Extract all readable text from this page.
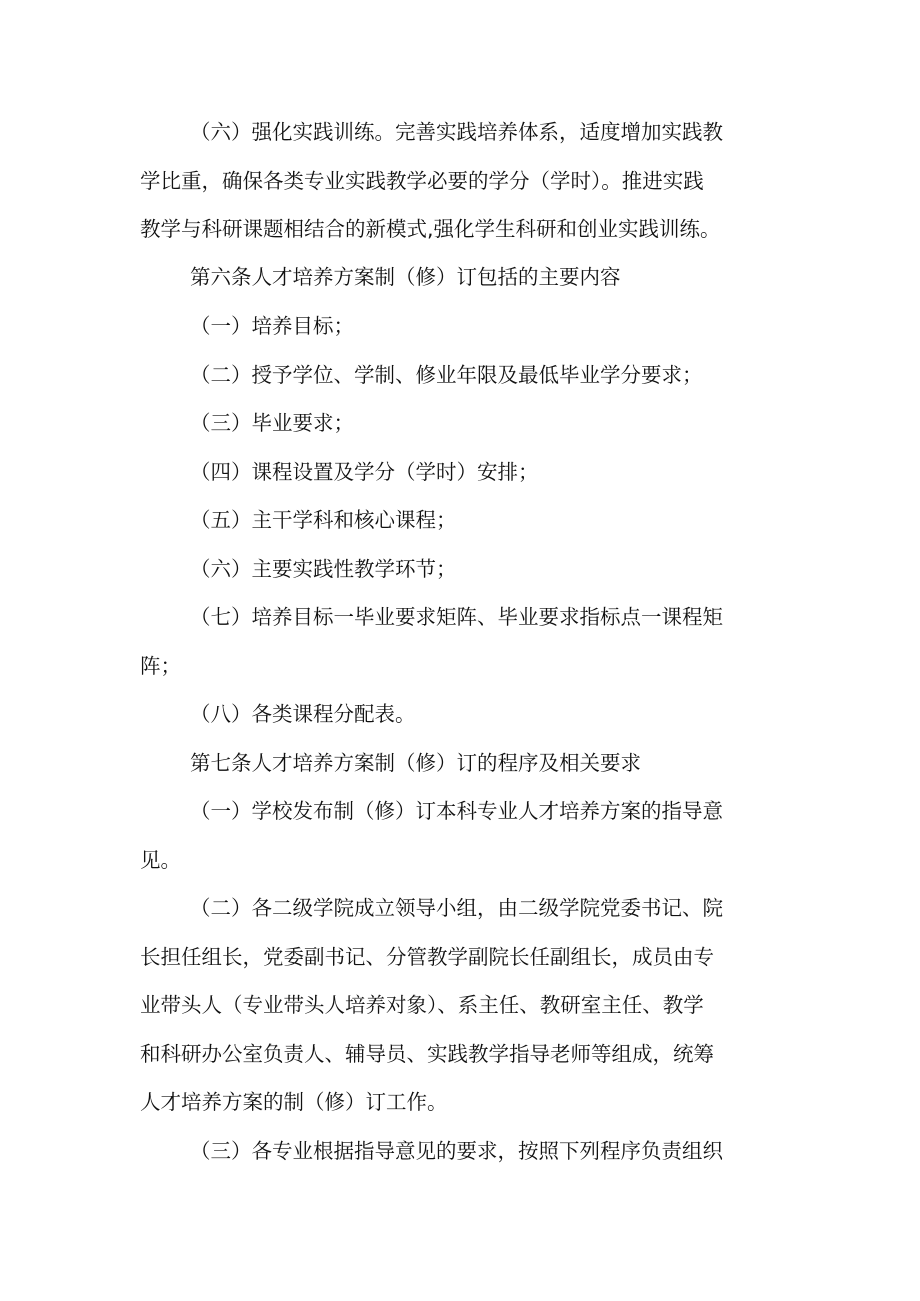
（六）强化实践训练。完善实践培养体系，适度增加实践教
学比重，确保各类专业实践教学必要的学分（学时）。推进实践
教学与科研课题相结合的新模式,强化学生科研和创业实践训练。
第六条人才培养方案制（修）订包括的主要内容
（一）培养目标；
（二）授予学位、学制、修业年限及最低毕业学分要求；
（三）毕业要求；
（四）课程设置及学分（学时）安排；
（五）主干学科和核心课程；
（六）主要实践性教学环节；
（七）培养目标一毕业要求矩阵、毕业要求指标点一课程矩
阵；
（八）各类课程分配表。
第七条人才培养方案制（修）订的程序及相关要求
（一）学校发布制（修）订本科专业人才培养方案的指导意
见。
（二）各二级学院成立领导小组，由二级学院党委书记、院
长担任组长，党委副书记、分管教学副院长任副组长，成员由专
业带头人（专业带头人培养对象）、系主任、教研室主任、教学
和科研办公室负责人、辅导员、实践教学指导老师等组成，统筹
人才培养方案的制（修）订工作。
（三）各专业根据指导意见的要求，按照下列程序负责组织
